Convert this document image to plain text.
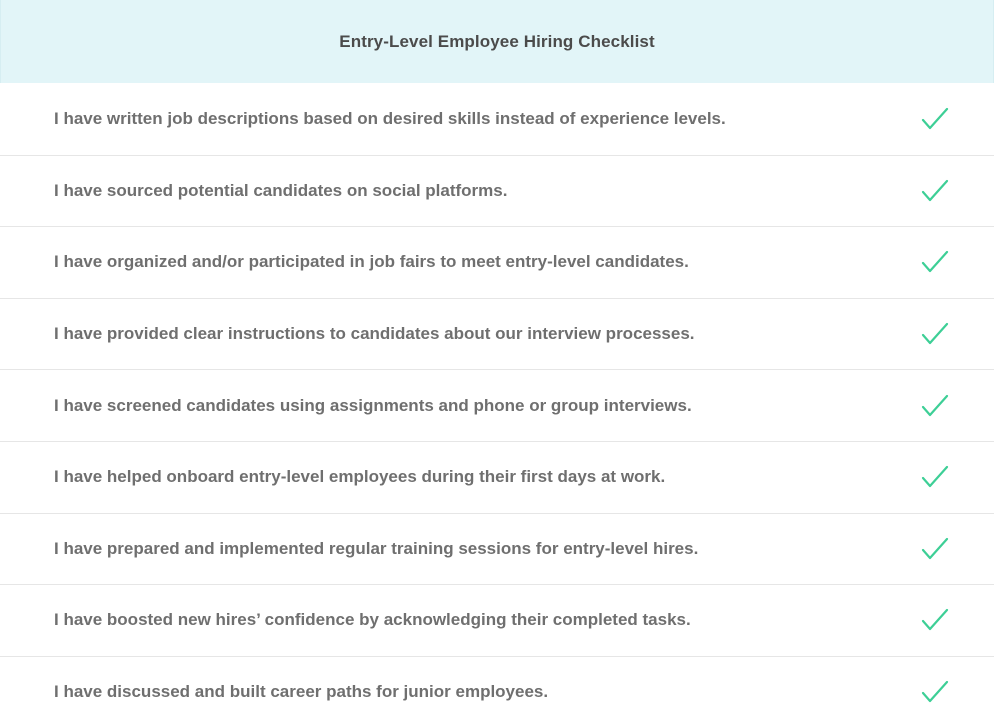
Entry-Level Employee Hiring Checklist
I have written job descriptions based on desired skills instead of experience levels.
I have sourced potential candidates on social platforms.
I have organized and/or participated in job fairs to meet entry-level candidates.
I have provided clear instructions to candidates about our interview processes.
I have screened candidates using assignments and phone or group interviews.
I have helped onboard entry-level employees during their first days at work.
I have prepared and implemented regular training sessions for entry-level hires.
I have boosted new hires’ confidence by acknowledging their completed tasks.
I have discussed and built career paths for junior employees.
